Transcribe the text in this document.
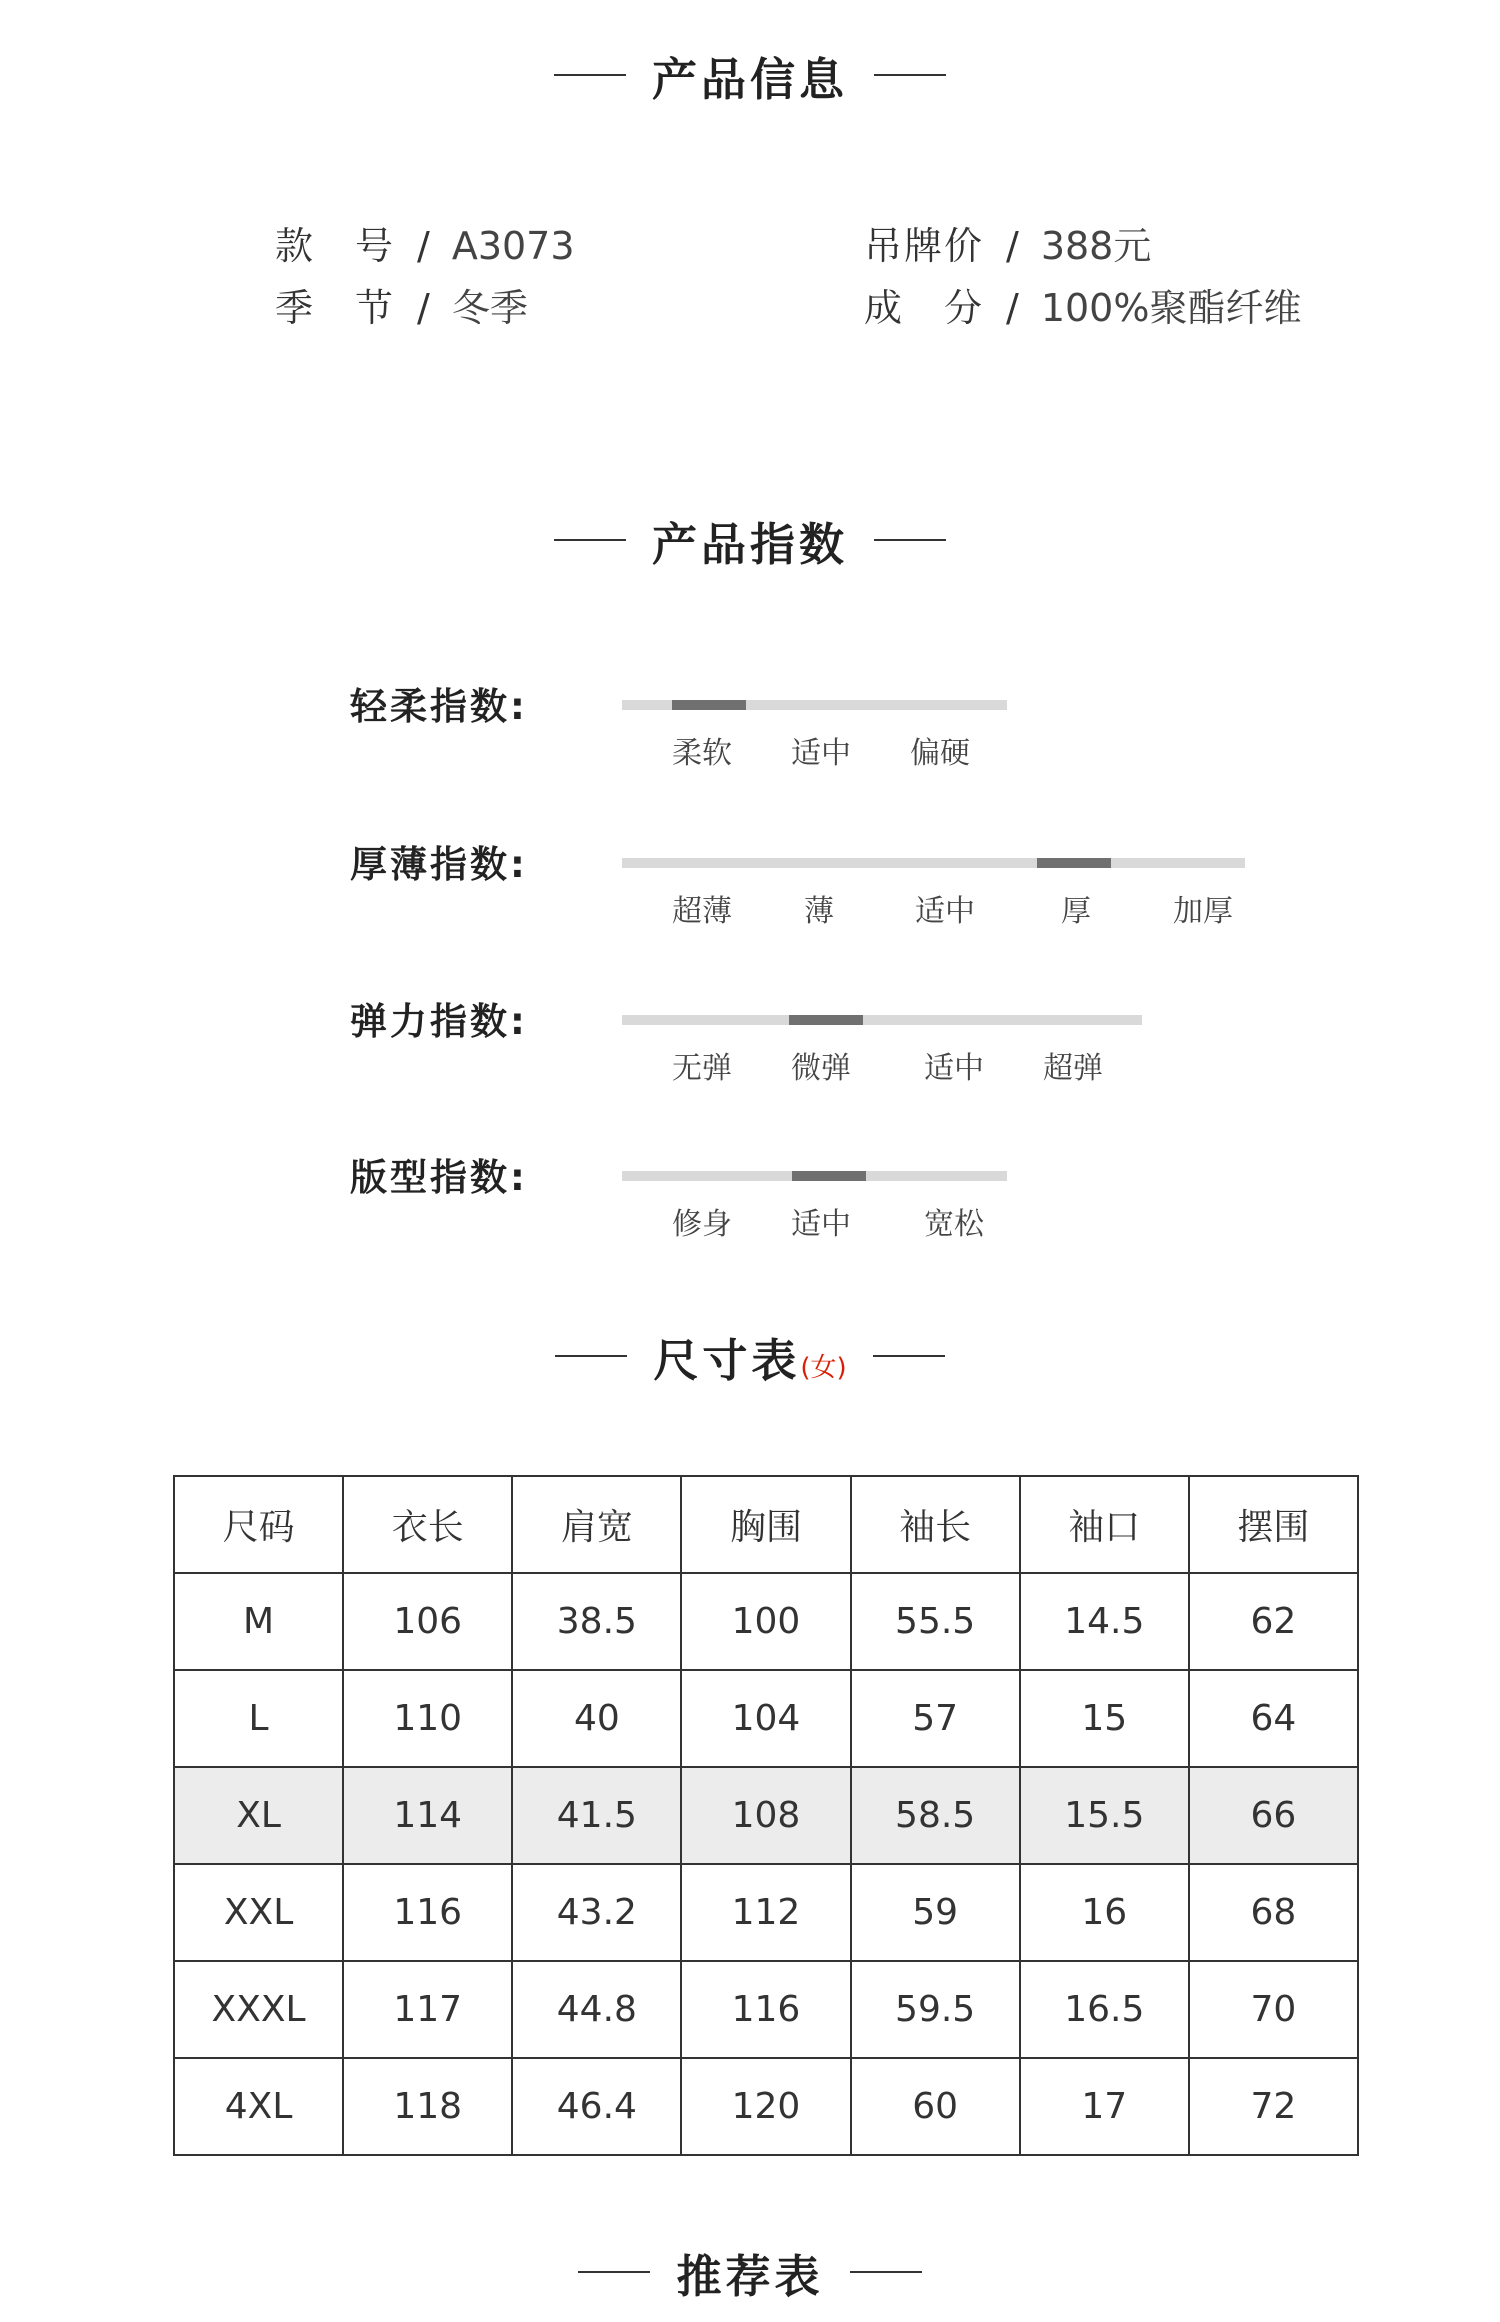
产品信息
款　号 / A3073
季　节 / 冬季
吊牌价 / 388元
成　分 / 100%聚酯纤维
产品指数
轻柔指数:
柔软 适中 偏硬
厚薄指数:
超薄 薄	适中	厚	加厚
弹力指数:
无弹 微弹 适中 超弹
版型指数:
修身 适中 宽松
尺寸表(女)
尺码	衣长	肩宽	胸围	袖长	袖口	摆围
M	106	38.5	100	55.5	14.5	62
L	110	40	104	57	15	64
XL	114	41.5	108	58.5	15.5	66
XXL	116	43.2	112	59	16	68
XXXL	117	44.8	116	59.5	16.5	70
4XL	118	46.4	120	60	17	72
推荐表
